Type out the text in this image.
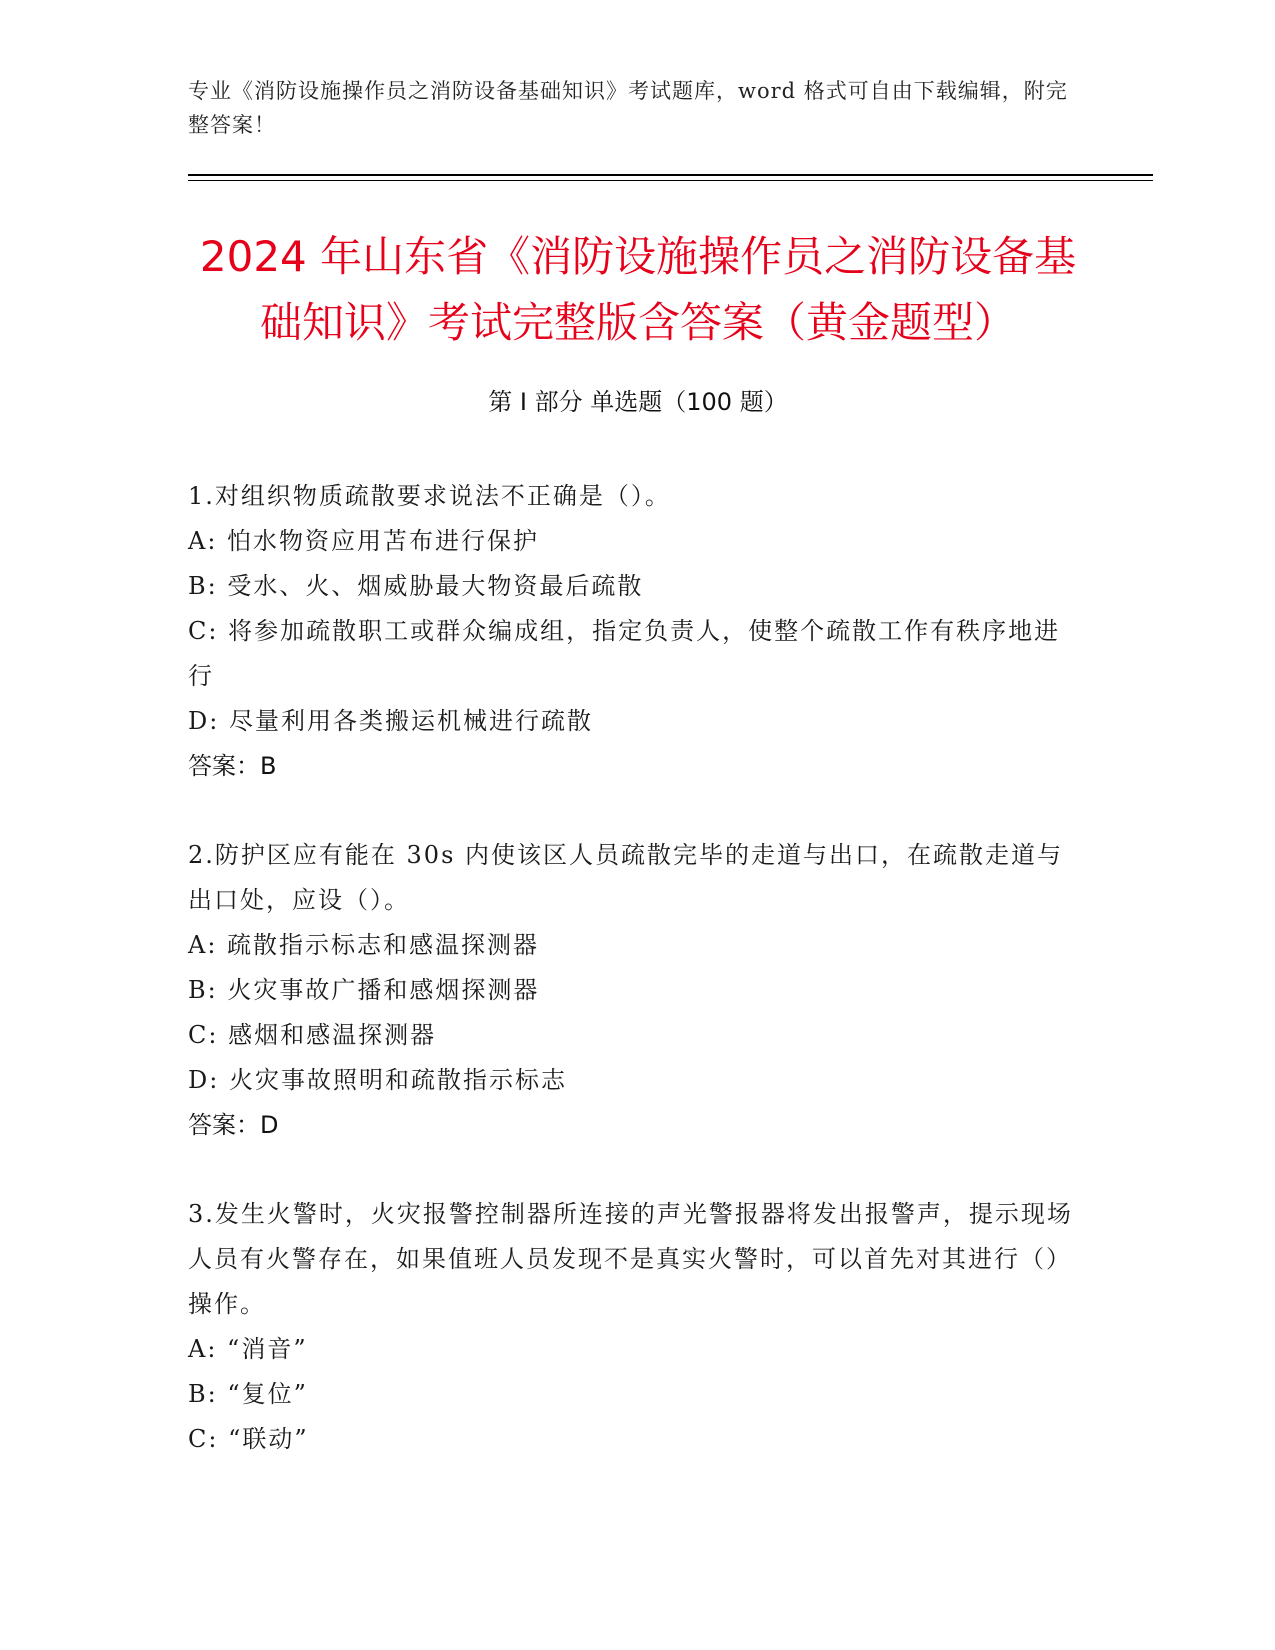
专业《消防设施操作员之消防设备基础知识》考试题库，word 格式可自由下载编辑，附完整答案！
2024 年山东省《消防设施操作员之消防设备基础知识》考试完整版含答案（黄金题型）
第 I 部分 单选题（100 题）

1.对组织物质疏散要求说法不正确是（）。

A: 怕水物资应用苫布进行保护

B: 受水、火、烟威胁最大物资最后疏散

C: 将参加疏散职工或群众编成组，指定负责人，使整个疏散工作有秩序地进行

D: 尽量利用各类搬运机械进行疏散

答案：B

2.防护区应有能在 30s 内使该区人员疏散完毕的走道与出口，在疏散走道与出口处，应设（）。

A: 疏散指示标志和感温探测器

B: 火灾事故广播和感烟探测器

C: 感烟和感温探测器

D: 火灾事故照明和疏散指示标志

答案：D

3.发生火警时，火灾报警控制器所连接的声光警报器将发出报警声，提示现场人员有火警存在，如果值班人员发现不是真实火警时，可以首先对其进行（）操作。

A: “消音”

B: “复位”

C: “联动”
